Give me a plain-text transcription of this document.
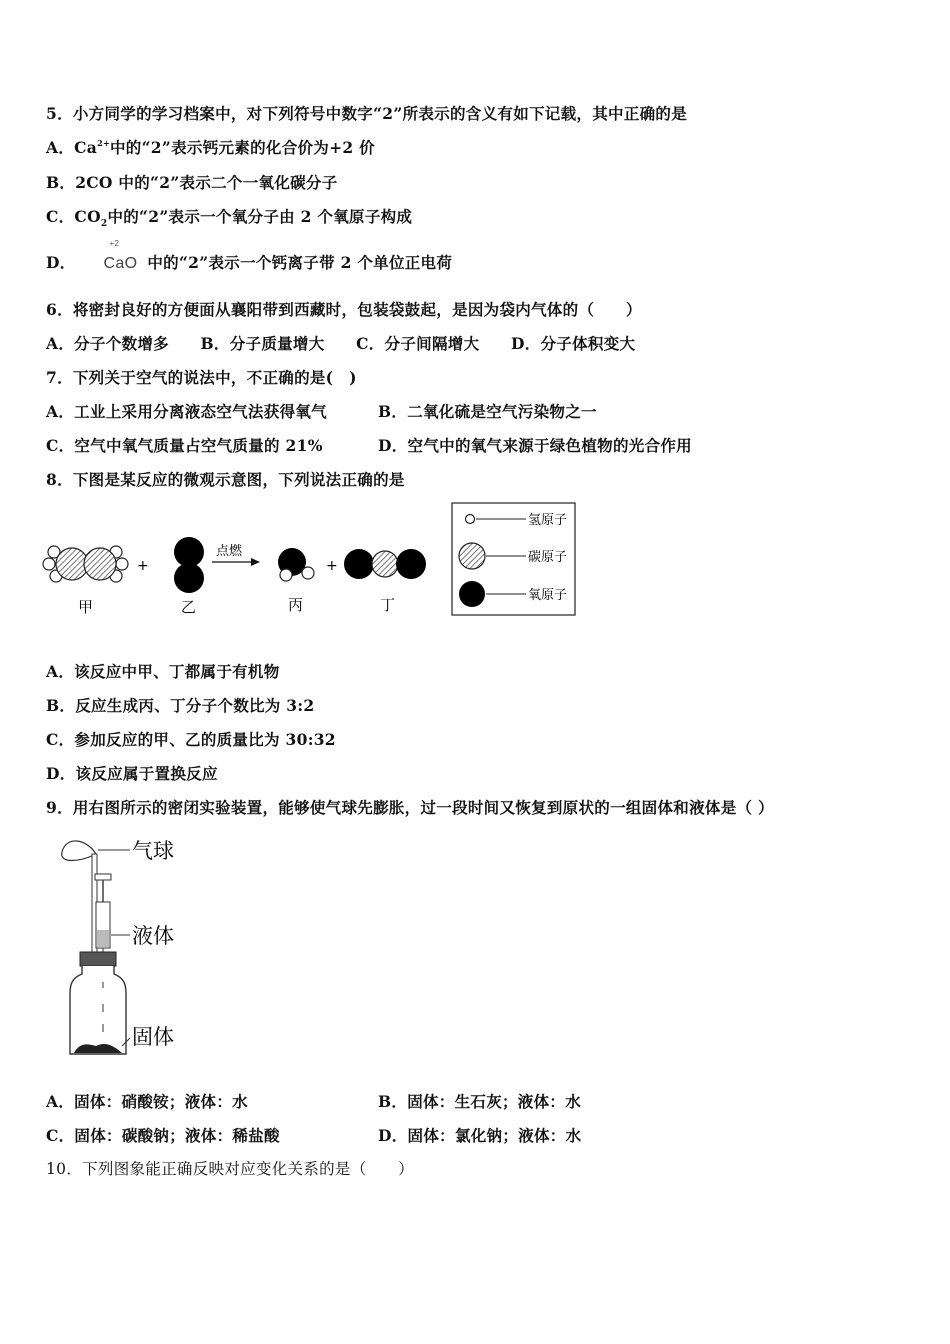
5．小方同学的学习档案中，对下列符号中数字“2”所表示的含义有如下记载，其中正确的是
A．$Ca^{2+}$中的“2”表示钙元素的化合价为+2 价
B．2CO 中的“2”表示二个一氧化碳分子
C．$CO_2$中的“2”表示一个氧分子由 2 个氧原子构成
D．
+2
CaO 中的“2”表示一个钙离子带 2 个单位正电荷
6．将密封良好的方便面从襄阳带到西藏时，包装袋鼓起，是因为袋内气体的（　　）
A．分子个数增多　　B．分子质量增大　　C．分子间隔增大　　D．分子体积变大
7．下列关于空气的说法中，不正确的是(　)
A．工业上采用分离液态空气法获得氧气	B．二氧化硫是空气污染物之一
C．空气中氧气质量占空气质量的 21%	D．空气中的氧气来源于绿色植物的光合作用
8．下图是某反应的微观示意图，下列说法正确的是
甲
+
乙
点燃
丙
+
丁
氢原子
碳原子
氧原子
A．该反应中甲、丁都属于有机物
B．反应生成丙、丁分子个数比为 3:2
C．参加反应的甲、乙的质量比为 30:32
D．该反应属于置换反应
9．用右图所示的密闭实验装置，能够使气球先膨胀，过一段时间又恢复到原状的一组固体和液体是（ ）
气球
液体
固体
A．固体：硝酸铵；液体：水	B．固体：生石灰；液体：水
C．固体：碳酸钠；液体：稀盐酸	D．固体：氯化钠；液体：水
10．下列图象能正确反映对应变化关系的是（　　）
